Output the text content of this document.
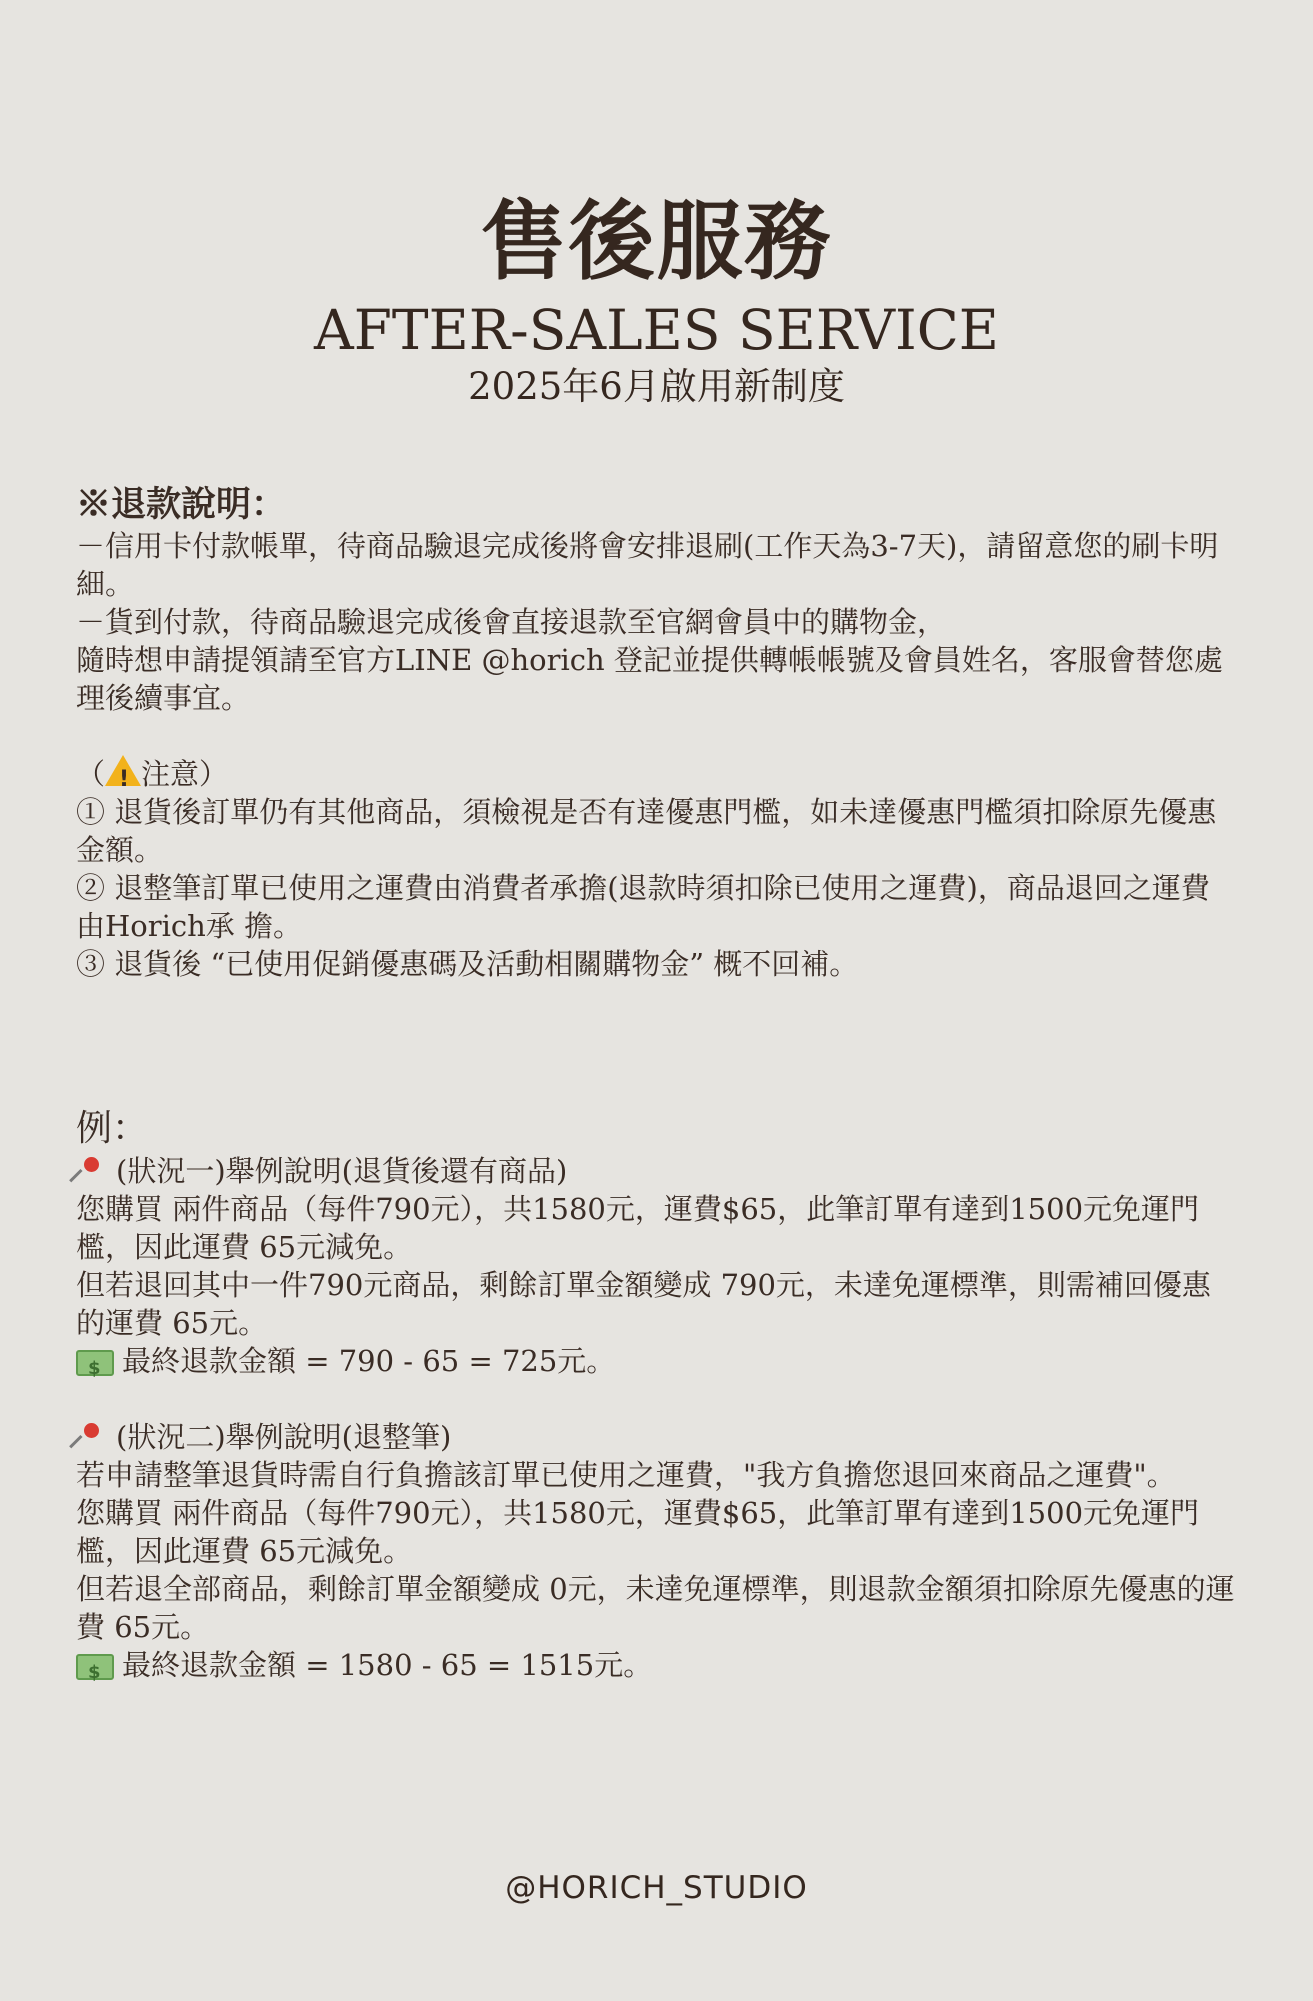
售後服務

AFTER-SALES SERVICE

2025年6月啟用新制度

※退款說明：
－信用卡付款帳單，待商品驗退完成後將會安排退刷(工作天為3-7天)，請留意您的刷卡明細。
－貨到付款，待商品驗退完成後會直接退款至官網會員中的購物金，
隨時想申請提領請至官方LINE @horich 登記並提供轉帳帳號及會員姓名，客服會替您處理後續事宜。
（! 注意）
① 退貨後訂單仍有其他商品，須檢視是否有達優惠門檻，如未達優惠門檻須扣除原先優惠金額。
② 退整筆訂單已使用之運費由消費者承擔(退款時須扣除已使用之運費)，商品退回之運費由Horich承 擔。
③ 退貨後 “已使用促銷優惠碼及活動相關購物金” 概不回補。
例：
(狀況一)舉例說明(退貨後還有商品)
您購買 兩件商品（每件790元），共1580元，運費$65，此筆訂單有達到1500元免運門檻，因此運費 65元減免。
但若退回其中一件790元商品，剩餘訂單金額變成 790元，未達免運標準，則需補回優惠的運費 65元。
$最終退款金額 = 790 - 65 = 725元。
(狀況二)舉例說明(退整筆)
若申請整筆退貨時需自行負擔該訂單已使用之運費，"我方負擔您退回來商品之運費"。
您購買 兩件商品（每件790元），共1580元，運費$65，此筆訂單有達到1500元免運門檻，因此運費 65元減免。
但若退全部商品，剩餘訂單金額變成 0元，未達免運標準，則退款金額須扣除原先優惠的運費 65元。
$最終退款金額 = 1580 - 65 = 1515元。
@HORICH_STUDIO
